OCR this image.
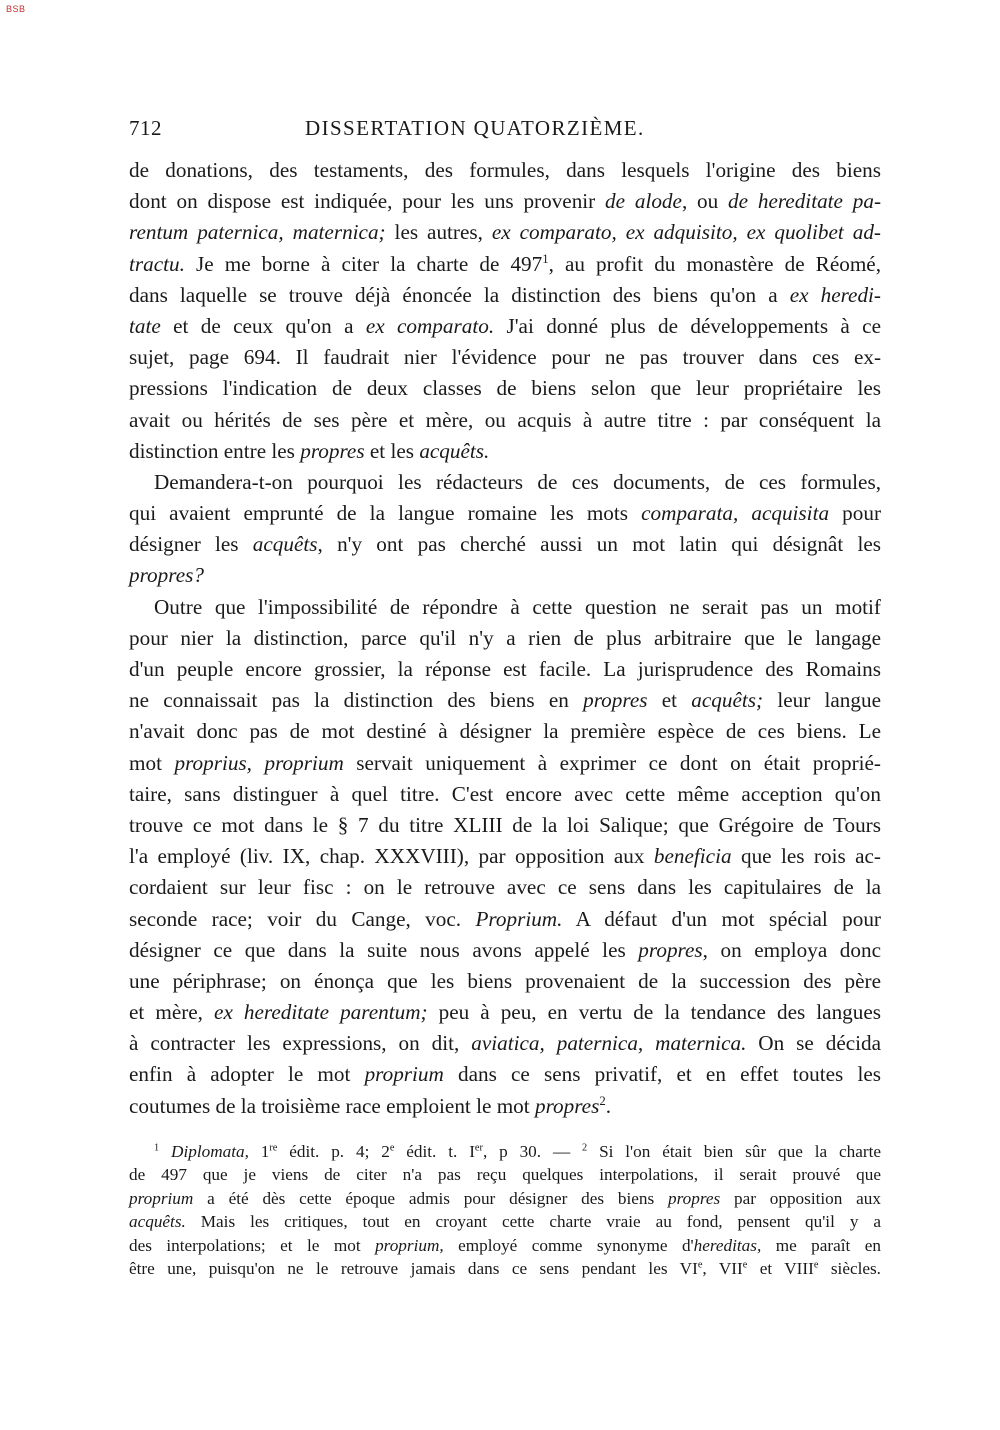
BSB
712	DISSERTATION QUATORZIÈME.
de donations, des testaments, des formules, dans lesquels l'origine des biens
dont on dispose est indiquée, pour les uns provenir de alode, ou de hereditate pa-
rentum paternica, maternica; les autres, ex comparato, ex adquisito, ex quolibet ad-
tractu. Je me borne à citer la charte de $497^1$, au profit du monastère de Réomé,
dans laquelle se trouve déjà énoncée la distinction des biens qu'on a ex heredi-
tate et de ceux qu'on a ex comparato. J'ai donné plus de développements à ce
sujet, page 694. Il faudrait nier l'évidence pour ne pas trouver dans ces ex-
pressions l'indication de deux classes de biens selon que leur propriétaire les
avait ou hérités de ses père et mère, ou acquis à autre titre : par conséquent la
distinction entre les propres et les acquêts.
Demandera-t-on pourquoi les rédacteurs de ces documents, de ces formules,
qui avaient emprunté de la langue romaine les mots comparata, acquisita pour
désigner les acquêts, n'y ont pas cherché aussi un mot latin qui désignât les
propres?
Outre que l'impossibilité de répondre à cette question ne serait pas un motif
pour nier la distinction, parce qu'il n'y a rien de plus arbitraire que le langage
d'un peuple encore grossier, la réponse est facile. La jurisprudence des Romains
ne connaissait pas la distinction des biens en propres et acquêts; leur langue
n'avait donc pas de mot destiné à désigner la première espèce de ces biens. Le
mot proprius, proprium servait uniquement à exprimer ce dont on était proprié-
taire, sans distinguer à quel titre. C'est encore avec cette même acception qu'on
trouve ce mot dans le § 7 du titre XLIII de la loi Salique; que Grégoire de Tours
l'a employé (liv. IX, chap. XXXVIII), par opposition aux beneficia que les rois ac-
cordaient sur leur fisc : on le retrouve avec ce sens dans les capitulaires de la
seconde race; voir du Cange, voc. Proprium. A défaut d'un mot spécial pour
désigner ce que dans la suite nous avons appelé les propres, on employa donc
une périphrase; on énonça que les biens provenaient de la succession des père
et mère, ex hereditate parentum; peu à peu, en vertu de la tendance des langues
à contracter les expressions, on dit, aviatica, paternica, maternica. On se décida
enfin à adopter le mot proprium dans ce sens privatif, et en effet toutes les
coutumes de la troisième race emploient le mot propres$^2$.
$^1$ Diplomata, 1re édit. p. 4; 2e édit. t. Ier, p 30. — $^2$ Si l'on était bien sûr que la charte
de 497 que je viens de citer n'a pas reçu quelques interpolations, il serait prouvé que
proprium a été dès cette époque admis pour désigner des biens propres par opposition aux
acquêts. Mais les critiques, tout en croyant cette charte vraie au fond, pensent qu'il y a
des interpolations; et le mot proprium, employé comme synonyme d'hereditas, me paraît en
être une, puisqu'on ne le retrouve jamais dans ce sens pendant les VIe, VIIe et VIIIe siècles.
